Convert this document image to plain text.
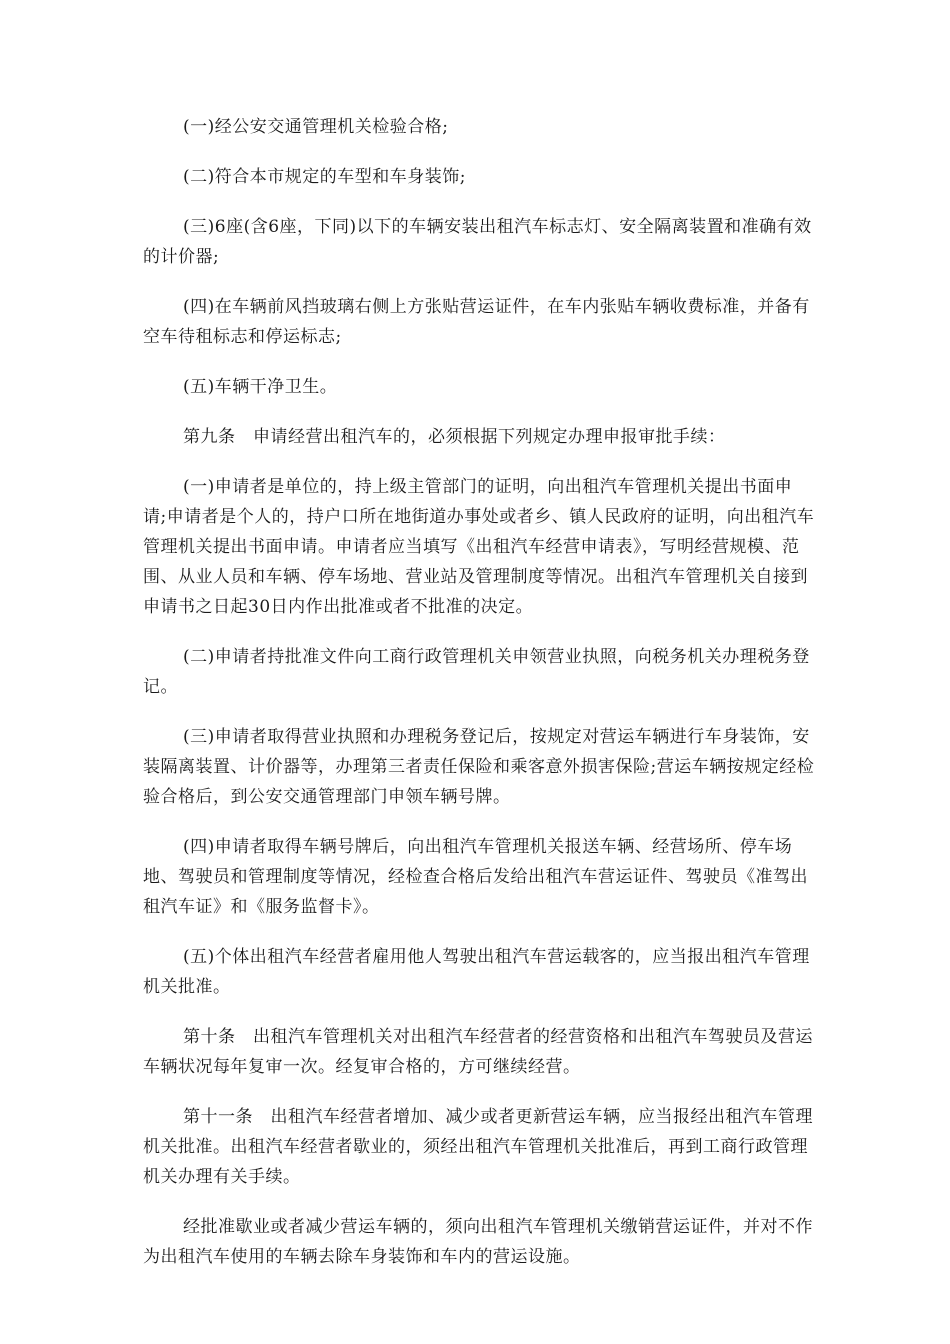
(一)经公安交通管理机关检验合格;

(二)符合本市规定的车型和车身装饰;

(三)6座(含6座，下同)以下的车辆安装出租汽车标志灯、安全隔离装置和准确有效的计价器;

(四)在车辆前风挡玻璃右侧上方张贴营运证件，在车内张贴车辆收费标准，并备有空车待租标志和停运标志;

(五)车辆干净卫生。

第九条　申请经营出租汽车的，必须根据下列规定办理申报审批手续：

(一)申请者是单位的，持上级主管部门的证明，向出租汽车管理机关提出书面申请;申请者是个人的，持户口所在地街道办事处或者乡、镇人民政府的证明，向出租汽车管理机关提出书面申请。申请者应当填写《出租汽车经营申请表》，写明经营规模、范围、从业人员和车辆、停车场地、营业站及管理制度等情况。出租汽车管理机关自接到申请书之日起30日内作出批准或者不批准的决定。

(二)申请者持批准文件向工商行政管理机关申领营业执照，向税务机关办理税务登记。

(三)申请者取得营业执照和办理税务登记后，按规定对营运车辆进行车身装饰，安装隔离装置、计价器等，办理第三者责任保险和乘客意外损害保险;营运车辆按规定经检验合格后，到公安交通管理部门申领车辆号牌。

(四)申请者取得车辆号牌后，向出租汽车管理机关报送车辆、经营场所、停车场地、驾驶员和管理制度等情况，经检查合格后发给出租汽车营运证件、驾驶员《准驾出租汽车证》和《服务监督卡》。

(五)个体出租汽车经营者雇用他人驾驶出租汽车营运载客的，应当报出租汽车管理机关批准。

第十条　出租汽车管理机关对出租汽车经营者的经营资格和出租汽车驾驶员及营运车辆状况每年复审一次。经复审合格的，方可继续经营。

第十一条　出租汽车经营者增加、减少或者更新营运车辆，应当报经出租汽车管理机关批准。出租汽车经营者歇业的，须经出租汽车管理机关批准后，再到工商行政管理机关办理有关手续。

经批准歇业或者减少营运车辆的，须向出租汽车管理机关缴销营运证件，并对不作为出租汽车使用的车辆去除车身装饰和车内的营运设施。
